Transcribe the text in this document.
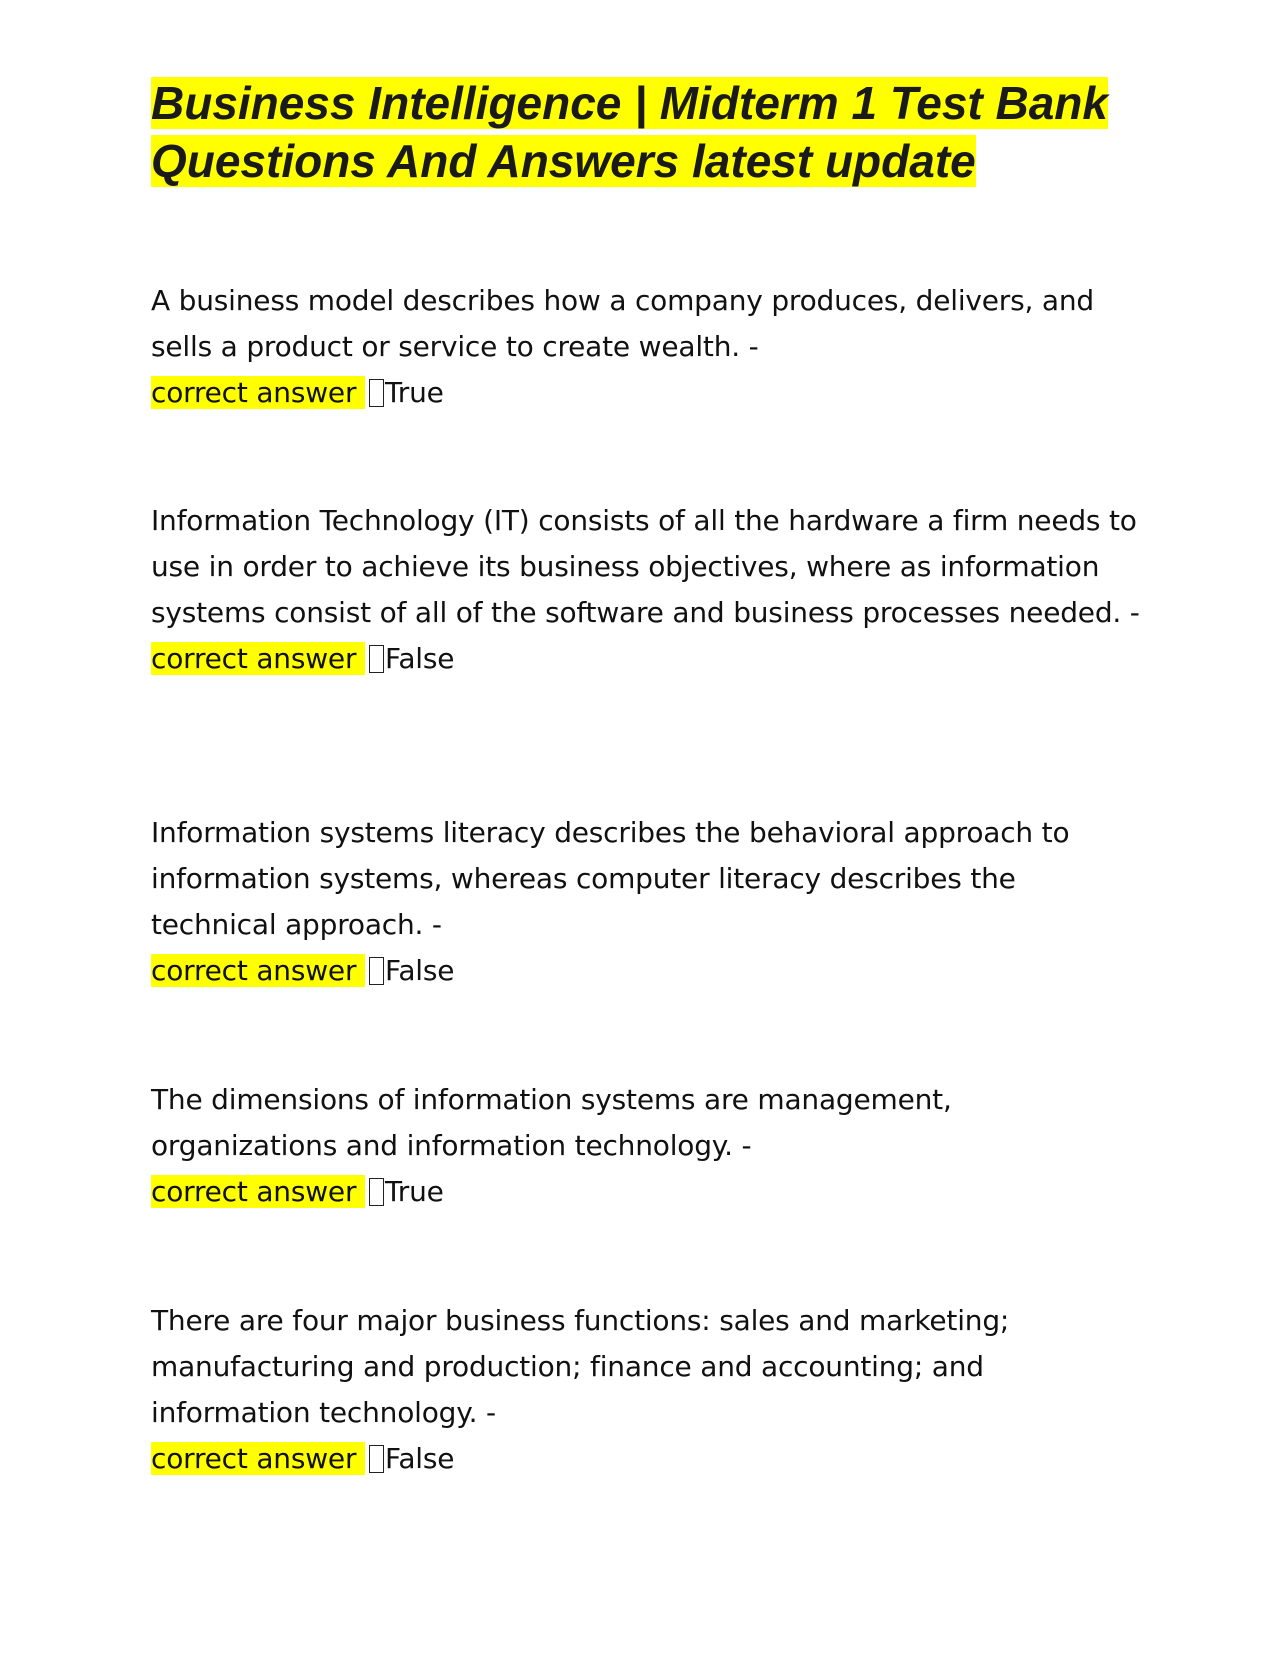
Business Intelligence | Midterm 1 Test Bank Questions And Answers latest update

A business model describes how a company produces, delivers, and sells a product or service to create wealth. -

correct answer True

Information Technology (IT) consists of all the hardware a firm needs to use in order to achieve its business objectives, where as information systems consist of all of the software and business processes needed. -

correct answer False

Information systems literacy describes the behavioral approach to information systems, whereas computer literacy describes the technical approach. -

correct answer False

The dimensions of information systems are management, organizations and information technology. -

correct answer True

There are four major business functions: sales and marketing; manufacturing and production; finance and accounting; and information technology. -

correct answer False
